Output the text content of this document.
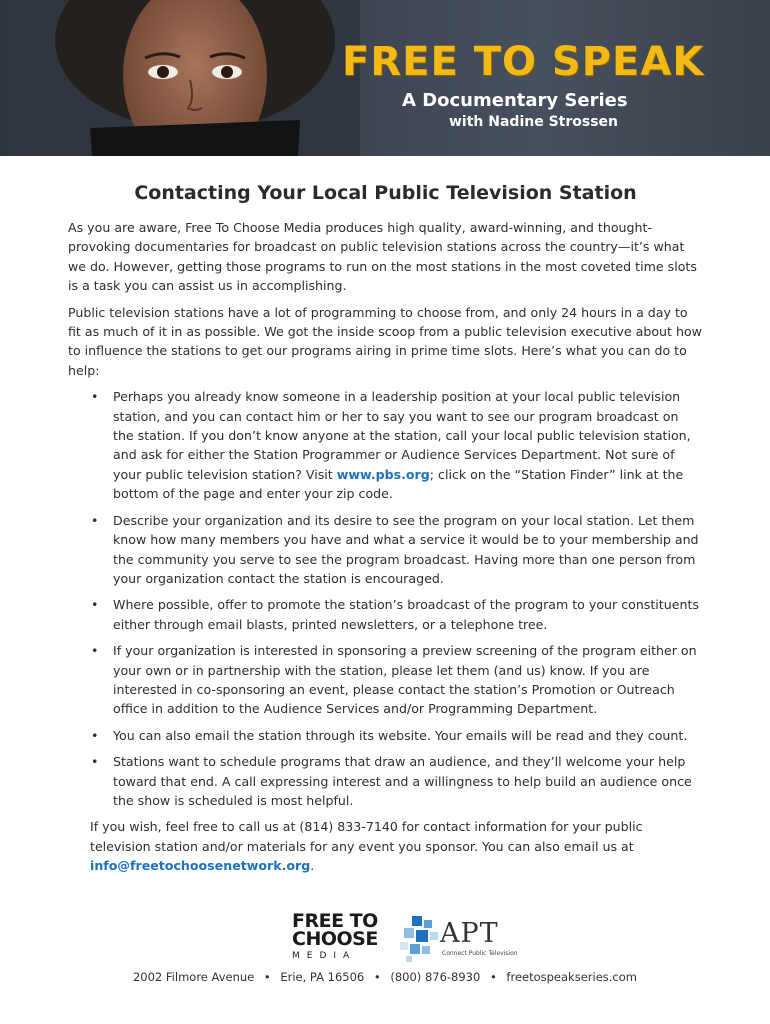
FREE TO SPEAK
A Documentary Series
with Nadine Strossen
Contacting Your Local Public Television Station

As you are aware, Free To Choose Media produces high quality, award-winning, and thought-provoking documentaries for broadcast on public television stations across the country—it’s what we do. However, getting those programs to run on the most stations in the most coveted time slots is a task you can assist us in accomplishing.

Public television stations have a lot of programming to choose from, and only 24 hours in a day to fit as much of it in as possible. We got the inside scoop from a public television executive about how to influence the stations to get our programs airing in prime time slots. Here’s what you can do to help:

• Perhaps you already know someone in a leadership position at your local public television station, and you can contact him or her to say you want to see our program broadcast on the station. If you don’t know anyone at the station, call your local public television station, and ask for either the Station Programmer or Audience Services Department. Not sure of your public television station? Visit www.pbs.org; click on the “Station Finder” link at the bottom of the page and enter your zip code.
• Describe your organization and its desire to see the program on your local station. Let them know how many members you have and what a service it would be to your membership and the community you serve to see the program broadcast. Having more than one person from your organization contact the station is encouraged.
• Where possible, offer to promote the station’s broadcast of the program to your constituents either through email blasts, printed newsletters, or a telephone tree.
• If your organization is interested in sponsoring a preview screening of the program either on your own or in partnership with the station, please let them (and us) know. If you are interested in co-sponsoring an event, please contact the station’s Promotion or Outreach office in addition to the Audience Services and/or Programming Department.
• You can also email the station through its website. Your emails will be read and they count.
• Stations want to schedule programs that draw an audience, and they’ll welcome your help toward that end. A call expressing interest and a willingness to help build an audience once the show is scheduled is most helpful.

If you wish, feel free to call us at (814) 833-7140 for contact information for your public television station and/or materials for any event you sponsor. You can also email us at info@freetochoosenetwork.org.

FREE TO
CHOOSE
MEDIA
APT
Connect Public Television
2002 Filmore Avenue • Erie, PA 16506 • (800) 876-8930 • freetospeakseries.com
